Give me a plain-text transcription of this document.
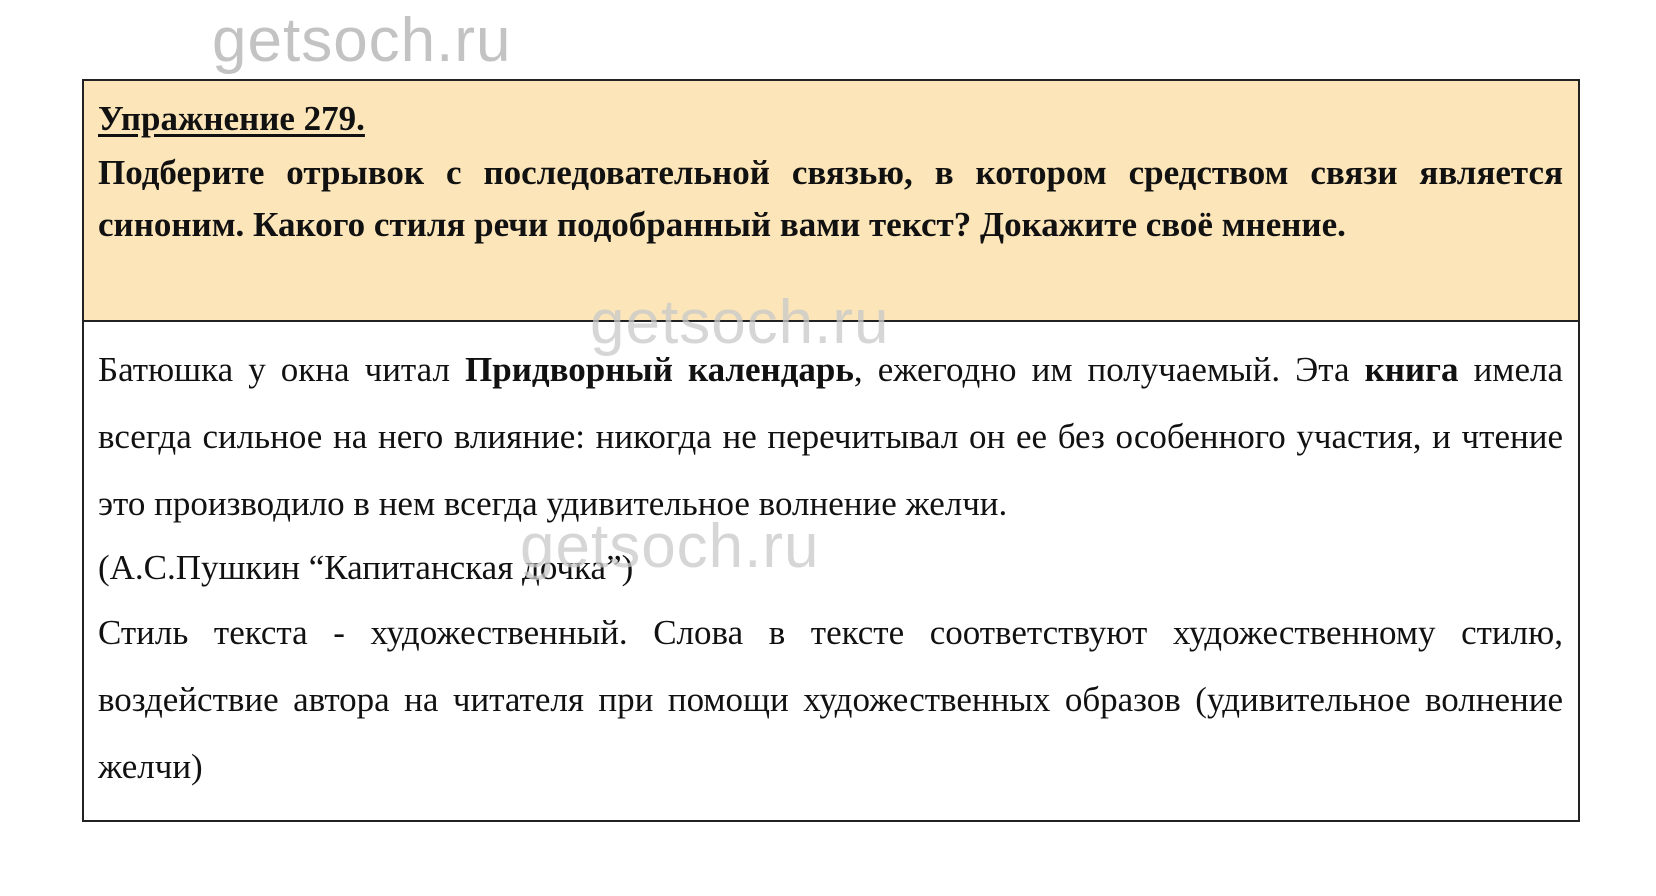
getsoch.ru

Упражнение 279.

Подберите отрывок с последовательной связью, в котором средством связи является синоним. Какого стиля речи подобранный вами текст? Докажите своё мнение.

Батюшка у окна читал Придворный календарь, ежегодно им получаемый. Эта книга имела всегда сильное на него влияние: никогда не перечитывал он ее без особенного участия, и чтение это производило в нем всегда удивительное волнение желчи.

(А.С.Пушкин “Капитанская дочка”)

Стиль текста - художественный. Слова в тексте соответствуют художественному стилю, воздействие автора на читателя при помощи художественных образов (удивительное волнение желчи)

getsoch.ru
getsoch.ru
